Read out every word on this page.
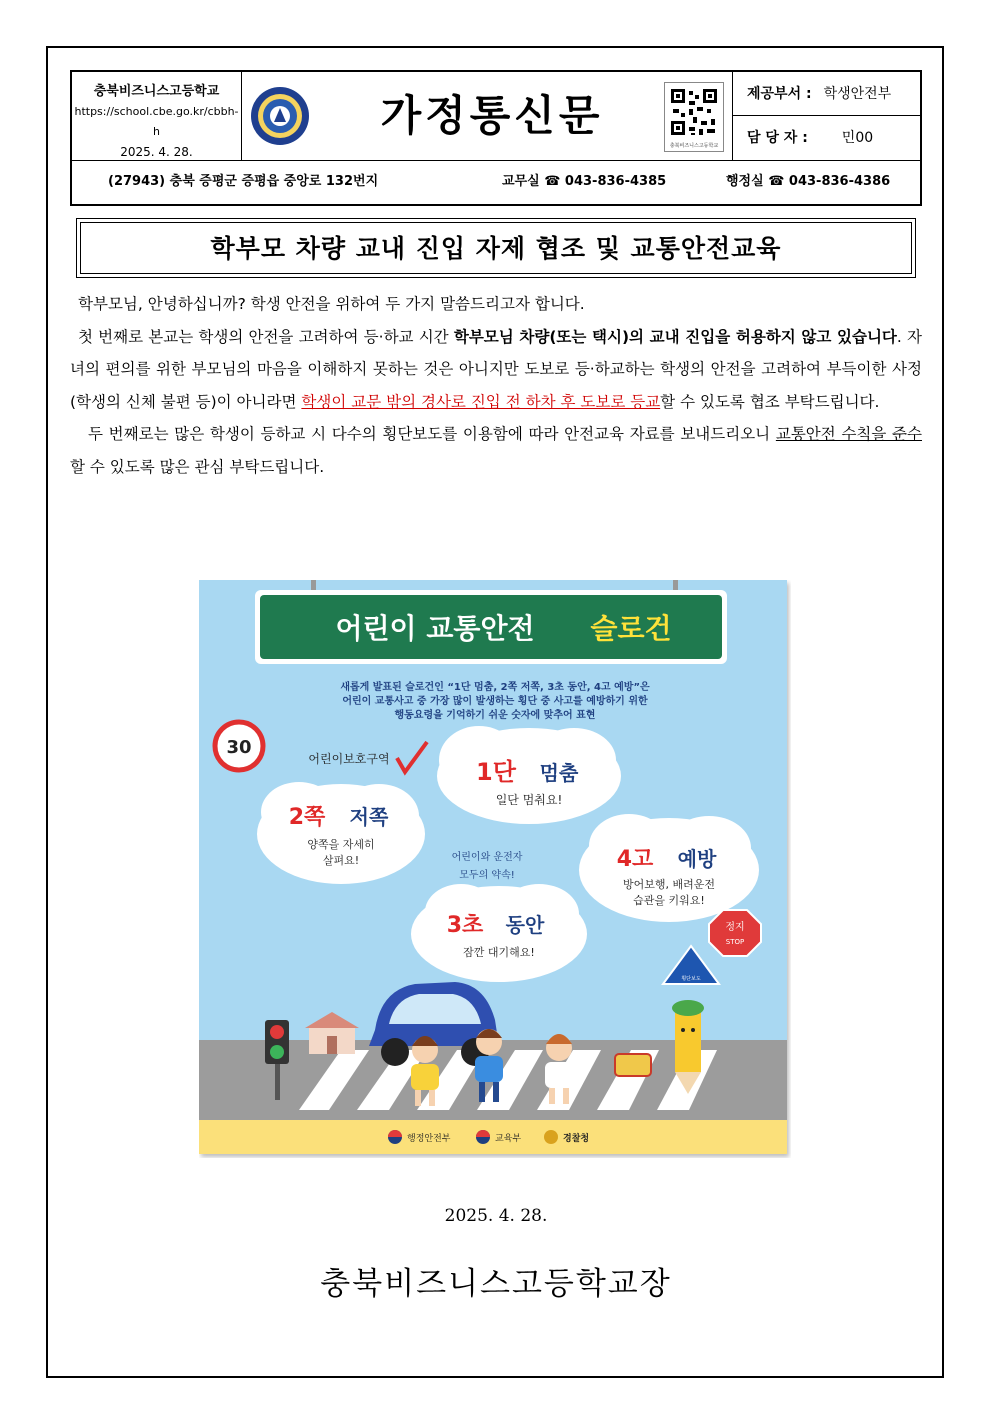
충북비즈니스고등학교
https://school.cbe.go.kr/cbbh-h
2025. 4. 28.
가정통신문
충북비즈니스고등학교
제공부서 : 학생안전부
담 당 자 : 민00
(27943) 충북 증평군 증평읍 중앙로 132번지	교무실 ☎ 043-836-4385	행정실 ☎ 043-836-4386
학부모 차량 교내 진입 자제 협조 및 교통안전교육

학부모님, 안녕하십니까? 학생 안전을 위하여 두 가지 말씀드리고자 합니다.

첫 번째로 본교는 학생의 안전을 고려하여 등·하교 시간 학부모님 차량(또는 택시)의 교내 진입을 허용하지 않고 있습니다. 자녀의 편의를 위한 부모님의 마음을 이해하지 못하는 것은 아니지만 도보로 등·하교하는 학생의 안전을 고려하여 부득이한 사정(학생의 신체 불편 등)이 아니라면 학생이 교문 밖의 경사로 진입 전 하차 후 도보로 등교할 수 있도록 협조 부탁드립니다.

두 번째로는 많은 학생이 등하교 시 다수의 횡단보도를 이용함에 따라 안전교육 자료를 보내드리오니 교통안전 수칙을 준수할 수 있도록 많은 관심 부탁드립니다.

어린이 교통안전 슬로건
새롭게 발표된 슬로건인 “1단 멈춤, 2쪽 저쪽, 3초 동안, 4고 예방”은
어린이 교통사고 중 가장 많이 발생하는 횡단 중 사고를 예방하기 위한
행동요령을 기억하기 쉬운 숫자에 맞추어 표현
30
어린이보호구역	1단 멈춤
일단 멈춰요!
2쪽 저쪽
양쪽을 자세히
살펴요!	어린이와 운전자
모두의 약속!
4고 예방
방어보행, 배려운전
습관을 키워요!
3초 동안
잠깐 대기해요!
정지
STOP
횡단보도
행정안전부	교육부	경찰청
2025. 4. 28.
충북비즈니스고등학교장
